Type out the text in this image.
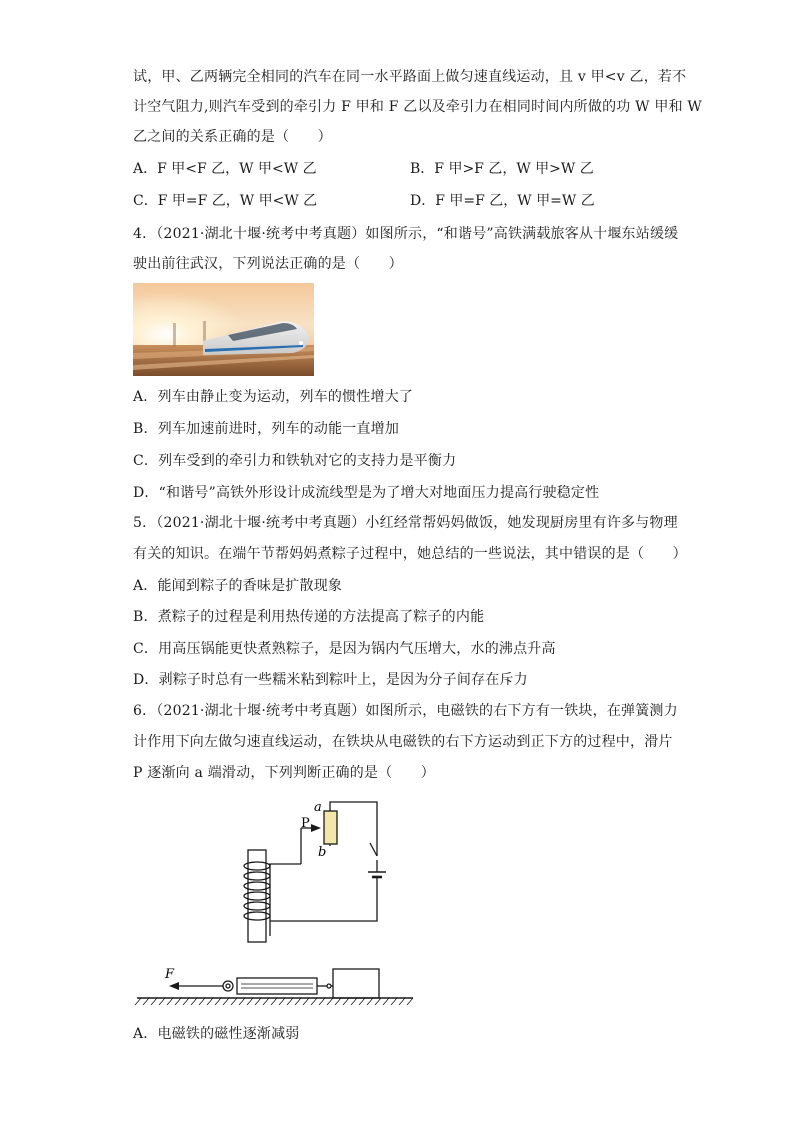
试，甲、乙两辆完全相同的汽车在同一水平路面上做匀速直线运动，且 v 甲<v 乙，若不
计空气阻力,则汽车受到的牵引力 F 甲和 F 乙以及牵引力在相同时间内所做的功 W 甲和 W
乙之间的关系正确的是（　　）
A．F 甲<F 乙，W 甲<W 乙	B．F 甲>F 乙，W 甲>W 乙
C．F 甲=F 乙，W 甲<W 乙	D．F 甲=F 乙，W 甲=W 乙
4．（2021·湖北十堰·统考中考真题）如图所示，“和谐号”高铁满载旅客从十堰东站缓缓
驶出前往武汉，下列说法正确的是（　　）
A．列车由静止变为运动，列车的惯性增大了
B．列车加速前进时，列车的动能一直增加
C．列车受到的牵引力和铁轨对它的支持力是平衡力
D．“和谐号”高铁外形设计成流线型是为了增大对地面压力提高行驶稳定性
5．（2021·湖北十堰·统考中考真题）小红经常帮妈妈做饭，她发现厨房里有许多与物理
有关的知识。在端午节帮妈妈煮粽子过程中，她总结的一些说法，其中错误的是（　　）
A．能闻到粽子的香味是扩散现象
B．煮粽子的过程是利用热传递的方法提高了粽子的内能
C．用高压锅能更快煮熟粽子，是因为锅内气压增大，水的沸点升高
D．剥粽子时总有一些糯米粘到粽叶上，是因为分子间存在斥力
6．（2021·湖北十堰·统考中考真题）如图所示，电磁铁的右下方有一铁块，在弹簧测力
计作用下向左做匀速直线运动，在铁块从电磁铁的右下方运动到正下方的过程中，滑片
P 逐渐向 a 端滑动，下列判断正确的是（　　）
a
b
P
F
A．电磁铁的磁性逐渐减弱
